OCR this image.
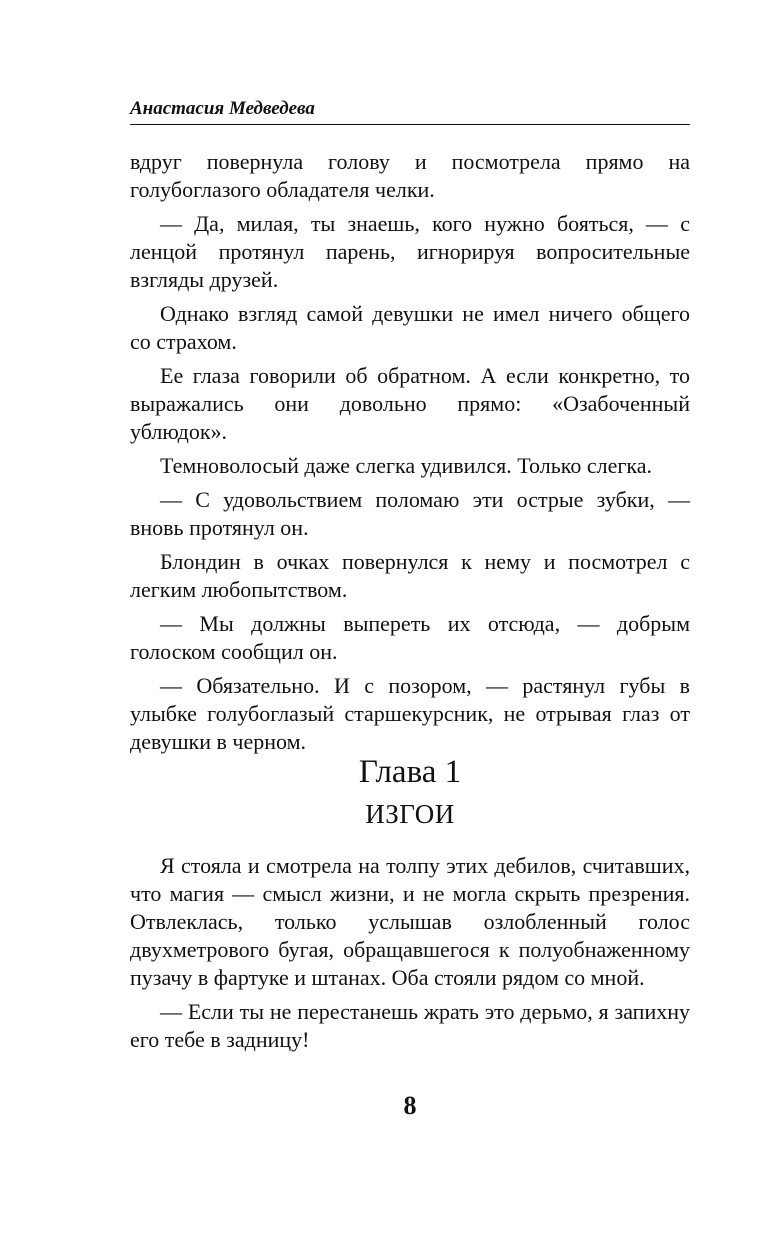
Анастасия Медведева

вдруг повернула голову и посмотрела прямо на голубоглазого обладателя челки.

— Да, милая, ты знаешь, кого нужно бояться, — с ленцой протянул парень, игнорируя вопросительные взгляды друзей.

Однако взгляд самой девушки не имел ничего общего со страхом.

Ее глаза говорили об обратном. А если конкретно, то выражались они довольно прямо: «Озабоченный ублюдок».

Темноволосый даже слегка удивился. Только слегка.

— С удовольствием поломаю эти острые зубки, — вновь протянул он.

Блондин в очках повернулся к нему и посмотрел с легким любопытством.

— Мы должны выпереть их отсюда, — добрым голоском сообщил он.

— Обязательно. И с позором, — растянул губы в улыбке голубоглазый старшекурсник, не отрывая глаз от девушки в черном.

Глава 1
ИЗГОИ

Я стояла и смотрела на толпу этих дебилов, считавших, что магия — смысл жизни, и не могла скрыть презрения. Отвлеклась, только услышав озлобленный голос двухметрового бугая, обращавшегося к полуобнаженному пузачу в фартуке и штанах. Оба стояли рядом со мной.

— Если ты не перестанешь жрать это дерьмо, я запихну его тебе в задницу!

8
